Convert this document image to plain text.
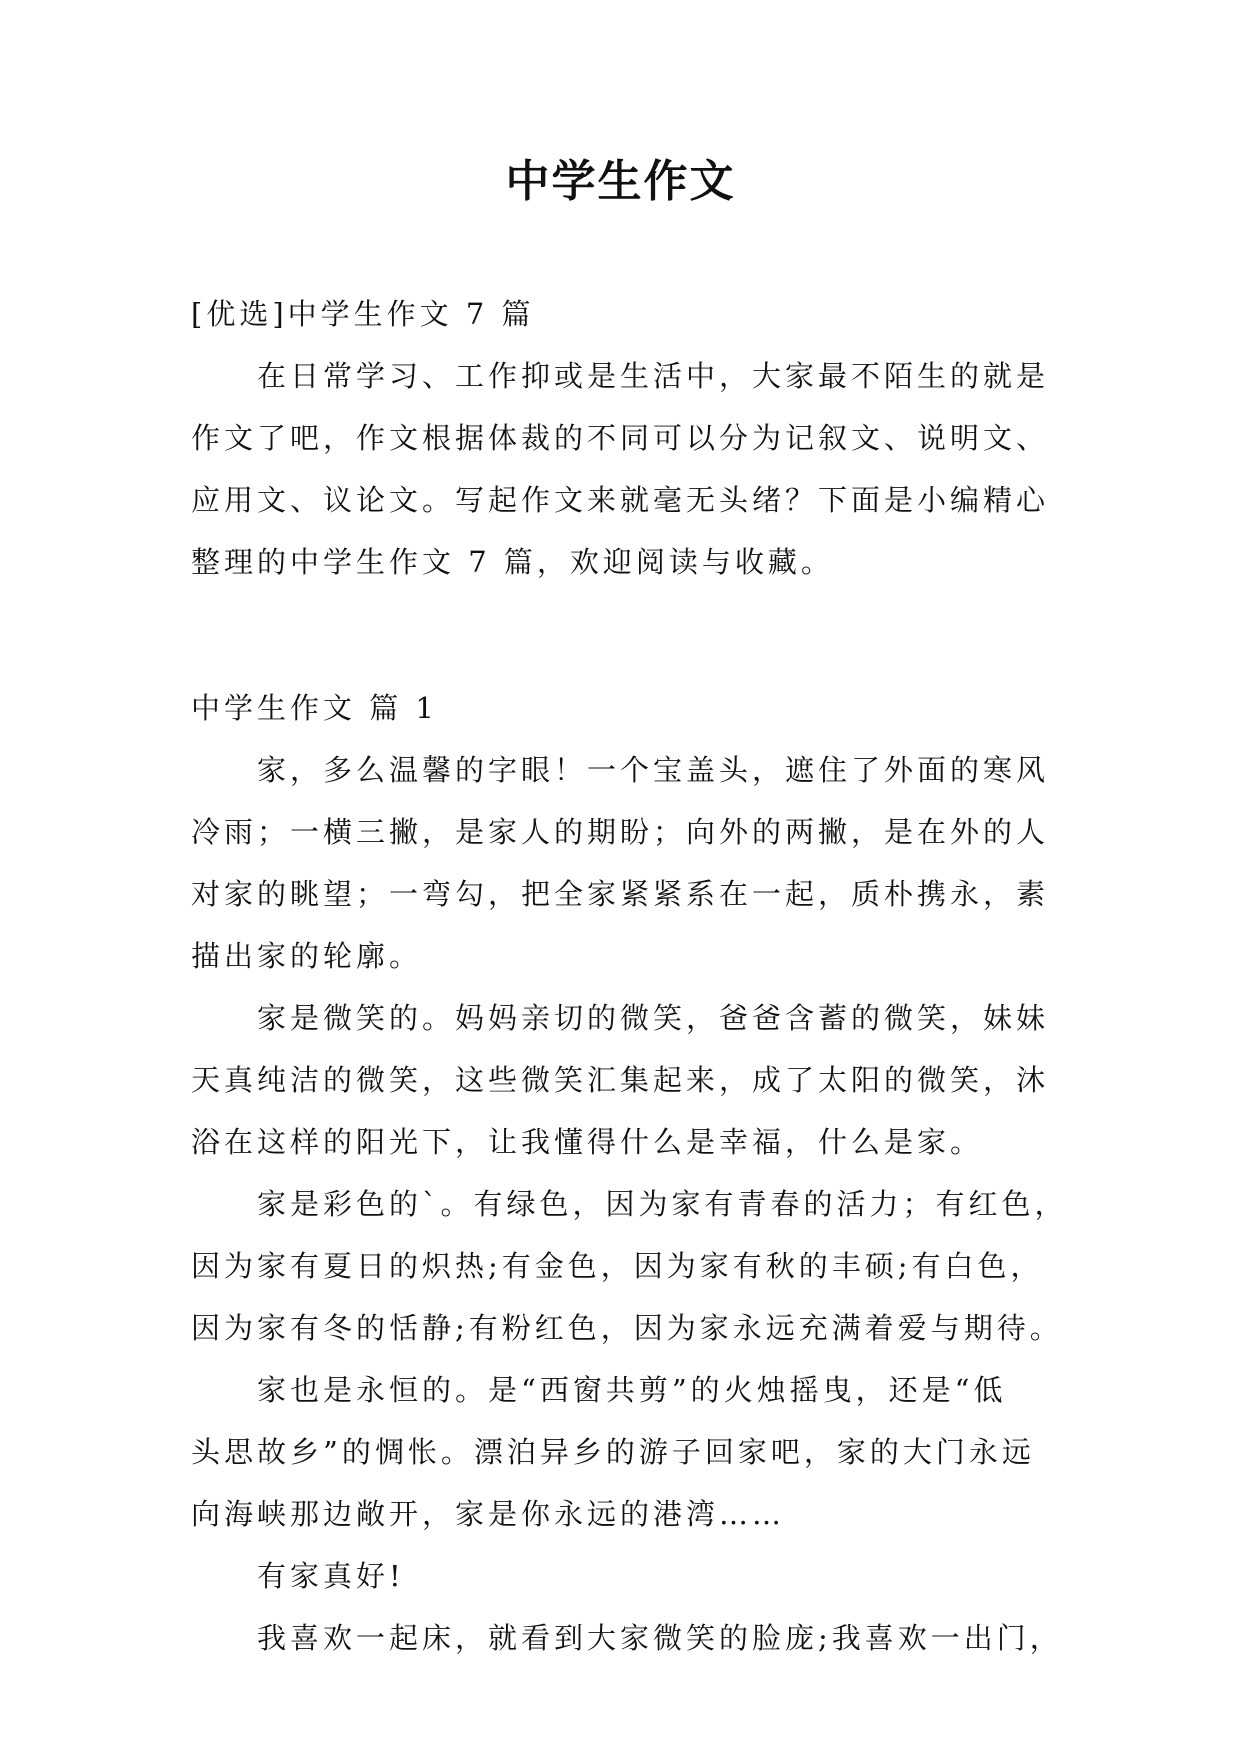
中学生作文
[优选]中学生作文 7 篇
在日常学习、工作抑或是生活中，大家最不陌生的就是
作文了吧，作文根据体裁的不同可以分为记叙文、说明文、
应用文、议论文。写起作文来就毫无头绪？下面是小编精心
整理的中学生作文 7 篇，欢迎阅读与收藏。
中学生作文 篇 1
家，多么温馨的字眼！一个宝盖头，遮住了外面的寒风
冷雨；一横三撇，是家人的期盼；向外的两撇，是在外的人
对家的眺望；一弯勾，把全家紧紧系在一起，质朴携永，素
描出家的轮廓。
家是微笑的。妈妈亲切的微笑，爸爸含蓄的微笑，妹妹
天真纯洁的微笑，这些微笑汇集起来，成了太阳的微笑，沐
浴在这样的阳光下，让我懂得什么是幸福，什么是家。
家是彩色的`。有绿色，因为家有青春的活力；有红色，
因为家有夏日的炽热;有金色，因为家有秋的丰硕;有白色，
因为家有冬的恬静;有粉红色，因为家永远充满着爱与期待。
家也是永恒的。是“西窗共剪”的火烛摇曳，还是“低
头思故乡”的惆怅。漂泊异乡的游子回家吧，家的大门永远
向海峡那边敞开，家是你永远的港湾……
有家真好!
我喜欢一起床，就看到大家微笑的脸庞;我喜欢一出门，
